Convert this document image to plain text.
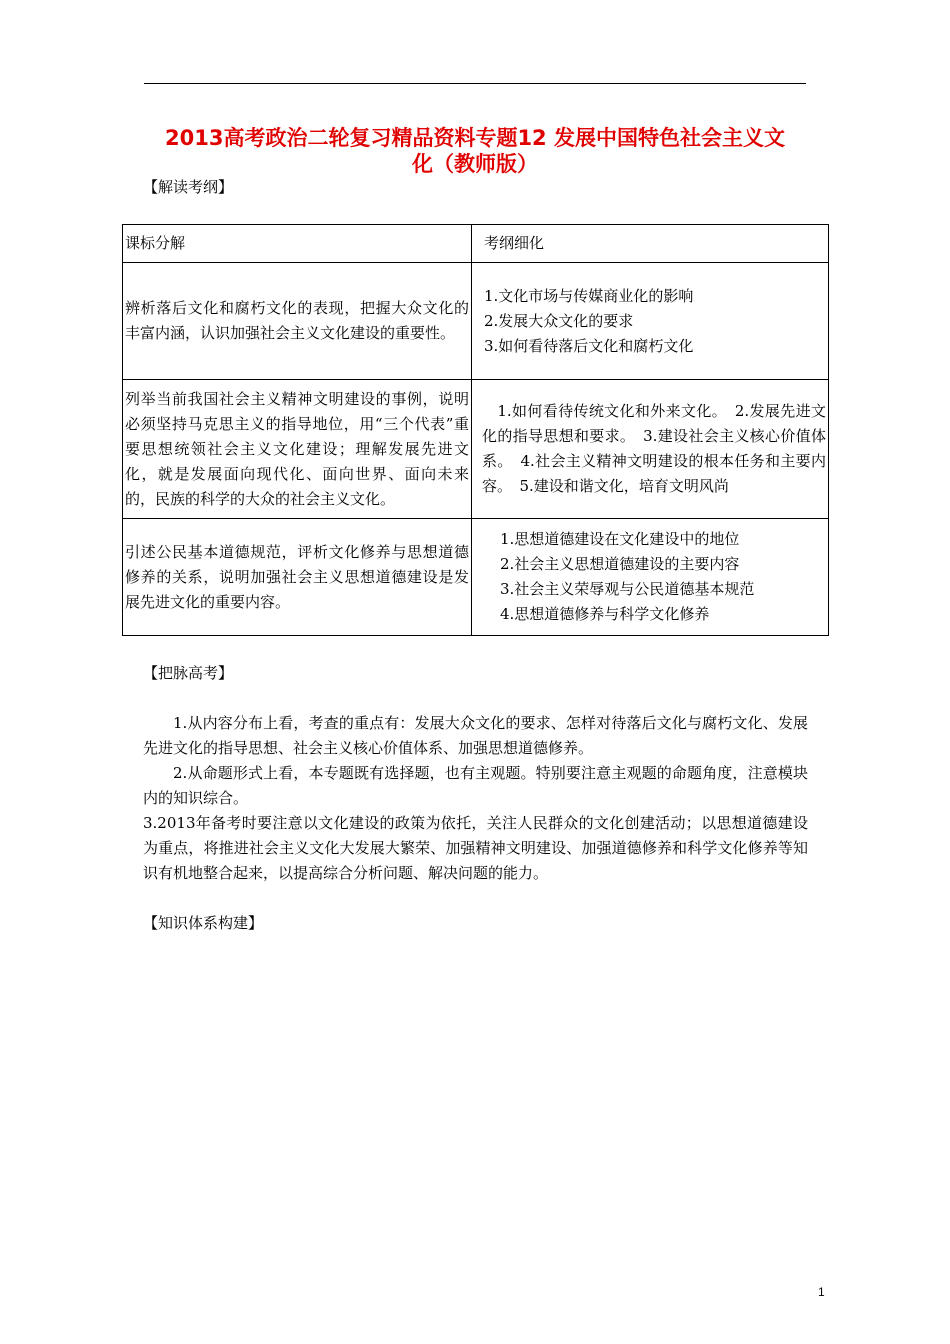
2013高考政治二轮复习精品资料专题12 发展中国特色社会主义文
化（教师版）
【解读考纲】
课标分解	考纲细化
辨析落后文化和腐朽文化的表现，把握大众文化的丰富内涵，认识加强社会主义文化建设的重要性。	1.文化市场与传媒商业化的影响
2.发展大众文化的要求
3.如何看待落后文化和腐朽文化

列举当前我国社会主义精神文明建设的事例，说明必须坚持马克思主义的指导地位，用“三个代表”重要思想统领社会主义文化建设；理解发展先进文化，就是发展面向现代化、面向世界、面向未来的，民族的科学的大众的社会主义文化。	　1.如何看待传统文化和外来文化。　2.发展先进文化的指导思想和要求。　3.建设社会主义核心价值体系。　4.社会主义精神文明建设的根本任务和主要内容。　5.建设和谐文化，培育文明风尚
引述公民基本道德规范，评析文化修养与思想道德修养的关系，说明加强社会主义思想道德建设是发展先进文化的重要内容。	1.思想道德建设在文化建设中的地位
2.社会主义思想道德建设的主要内容
3.社会主义荣辱观与公民道德基本规范
4.思想道德修养与科学文化修养
【把脉高考】
1.从内容分布上看，考查的重点有：发展大众文化的要求、怎样对待落后文化与腐朽文化、发展先进文化的指导思想、社会主义核心价值体系、加强思想道德修养。
2.从命题形式上看，本专题既有选择题，也有主观题。特别要注意主观题的命题角度，注意模块内的知识综合。
3.2013年备考时要注意以文化建设的政策为依托，关注人民群众的文化创建活动；以思想道德建设为重点，将推进社会主义文化大发展大繁荣、加强精神文明建设、加强道德修养和科学文化修养等知识有机地整合起来，以提高综合分析问题、解决问题的能力。
【知识体系构建】
1
